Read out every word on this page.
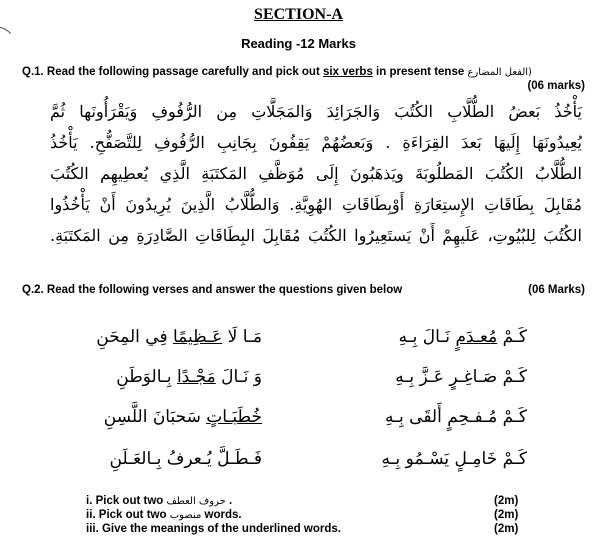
SECTION-A
Reading -12 Marks
Q.1. Read the following passage carefully and pick out six verbs in present tense (الفعل المضارع
(06 marks)
يَأْخُذُ بَعضُ الطُّلَّابِ الكُتُبَ وَالجَرَائِدَ وَالمَجَلَّاتِ مِن الرُّفُوفِ وَيَقْرَأُونَها ثُمَّ
يُعِيدُونَهَا إِلَيهَا بَعدَ القِرَاءَةِ . وَبَعضُهُمْ يَقِفُونَ بِجَانِبِ الرُّفُوفِ لِلتَّصَفُّحِ. يَأْخُذُ
الطُّلَّابُ الكُتُبَ المَطلُوبَةَ ويَذهَبُونَ إِلَى مُوَظَّفِ المَكتَبَةِ الَّذِي يُعطِيهِم الكُتُبَ
مُقَابِلَ بِطَاقَاتِ الإِستِعَارَةِ أَوْبِطَاقَاتِ الهُوِيَّةِ. وَالطُّلَّابُ الَّذِينَ يُرِيدُونَ أَنْ يَأْخُذُوا
الكُتُبَ لِلبُيُوتِ، عَلَيهِمْ أَنْ يَستَعِيرُوا الكُتُبَ مُقَابِلَ البِطَاقَاتِ الصَّادِرَةِ مِن المَكتَبَةِ.
Q.2. Read the following verses and answer the questions given below	(06 Marks)
كَـمْ مُعـدَمٍ نَـالَ بِـهِ
مَـا لَا عَـظِيمًا فِي المِحَنِ
كَـمْ صَـاغِـرٍ عَـزَّ بِـهِ
وَ نَـالَ مَجْـدًا بِـالوَطَنِ
كَـمْ مُـفـحِمٍ أَلقَى بِـهِ
خُطَبَـاتٍ سَحبَانَ اللَّسِنِ
كَـمْ خَامِـلٍ يَسْـمُو بِـهِ
فَـطَـلَّ يُـعرفُ بِـالعَـلَنِ
i. Pick out two حروف العطف .	(2m)
ii. Pick out two منصوب words.	(2m)
iii. Give the meanings of the underlined words.	(2m)
